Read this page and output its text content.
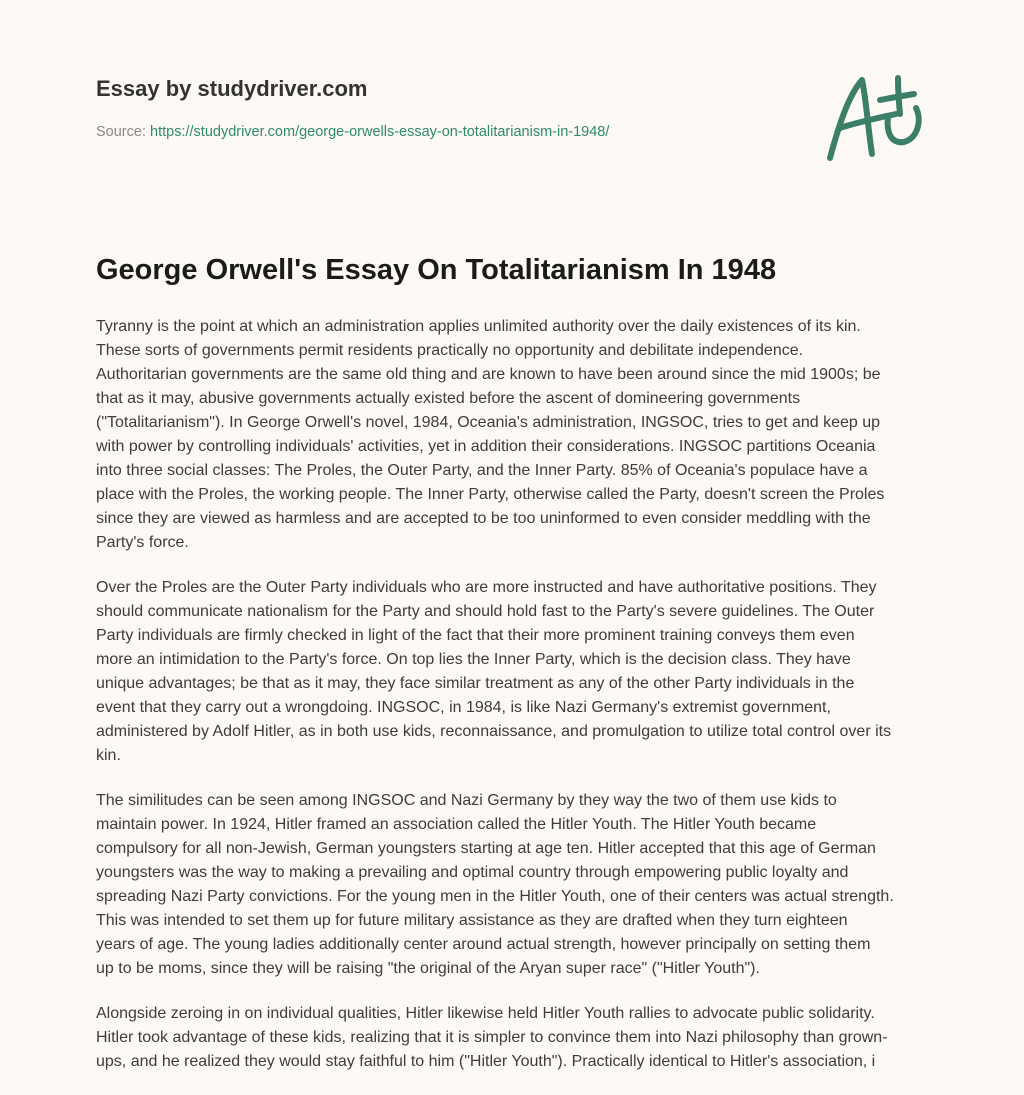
Essay by studydriver.com
Source: https://studydriver.com/george-orwells-essay-on-totalitarianism-in-1948/
George Orwell's Essay On Totalitarianism In 1948

Tyranny is the point at which an administration applies unlimited authority over the daily existences of its kin.
These sorts of governments permit residents practically no opportunity and debilitate independence.
Authoritarian governments are the same old thing and are known to have been around since the mid 1900s; be
that as it may, abusive governments actually existed before the ascent of domineering governments
("Totalitarianism"). In George Orwell's novel, 1984, Oceania's administration, INGSOC, tries to get and keep up
with power by controlling individuals' activities, yet in addition their considerations. INGSOC partitions Oceania
into three social classes: The Proles, the Outer Party, and the Inner Party. 85% of Oceania's populace have a
place with the Proles, the working people. The Inner Party, otherwise called the Party, doesn't screen the Proles
since they are viewed as harmless and are accepted to be too uninformed to even consider meddling with the
Party's force.

Over the Proles are the Outer Party individuals who are more instructed and have authoritative positions. They
should communicate nationalism for the Party and should hold fast to the Party's severe guidelines. The Outer
Party individuals are firmly checked in light of the fact that their more prominent training conveys them even
more an intimidation to the Party's force. On top lies the Inner Party, which is the decision class. They have
unique advantages; be that as it may, they face similar treatment as any of the other Party individuals in the
event that they carry out a wrongdoing. INGSOC, in 1984, is like Nazi Germany's extremist government,
administered by Adolf Hitler, as in both use kids, reconnaissance, and promulgation to utilize total control over its
kin.

The similitudes can be seen among INGSOC and Nazi Germany by they way the two of them use kids to
maintain power. In 1924, Hitler framed an association called the Hitler Youth. The Hitler Youth became
compulsory for all non-Jewish, German youngsters starting at age ten. Hitler accepted that this age of German
youngsters was the way to making a prevailing and optimal country through empowering public loyalty and
spreading Nazi Party convictions. For the young men in the Hitler Youth, one of their centers was actual strength.
This was intended to set them up for future military assistance as they are drafted when they turn eighteen
years of age. The young ladies additionally center around actual strength, however principally on setting them
up to be moms, since they will be raising "the original of the Aryan super race" ("Hitler Youth").

Alongside zeroing in on individual qualities, Hitler likewise held Hitler Youth rallies to advocate public solidarity.
Hitler took advantage of these kids, realizing that it is simpler to convince them into Nazi philosophy than grown-
ups, and he realized they would stay faithful to him ("Hitler Youth"). Practically identical to Hitler's association, i
